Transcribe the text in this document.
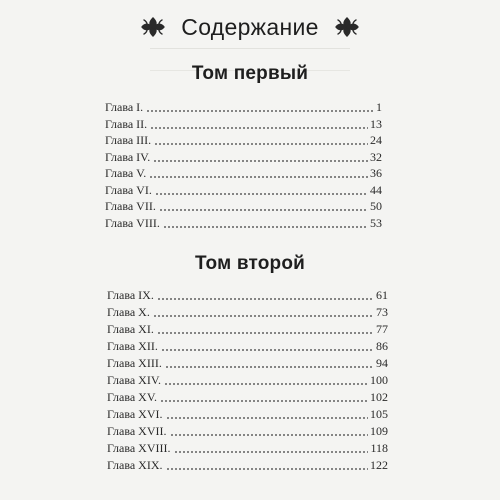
Содержание
Том первый
Глава I.	1
Глава II.	13
Глава III.	24
Глава IV.	32
Глава V.	36
Глава VI.	44
Глава VII.	50
Глава VIII.	53
Том второй
Глава IX.	61
Глава X.	73
Глава XI.	77
Глава XII.	86
Глава XIII.	94
Глава XIV.	100
Глава XV.	102
Глава XVI.	105
Глава XVII.	109
Глава XVIII.	118
Глава XIX.	122
